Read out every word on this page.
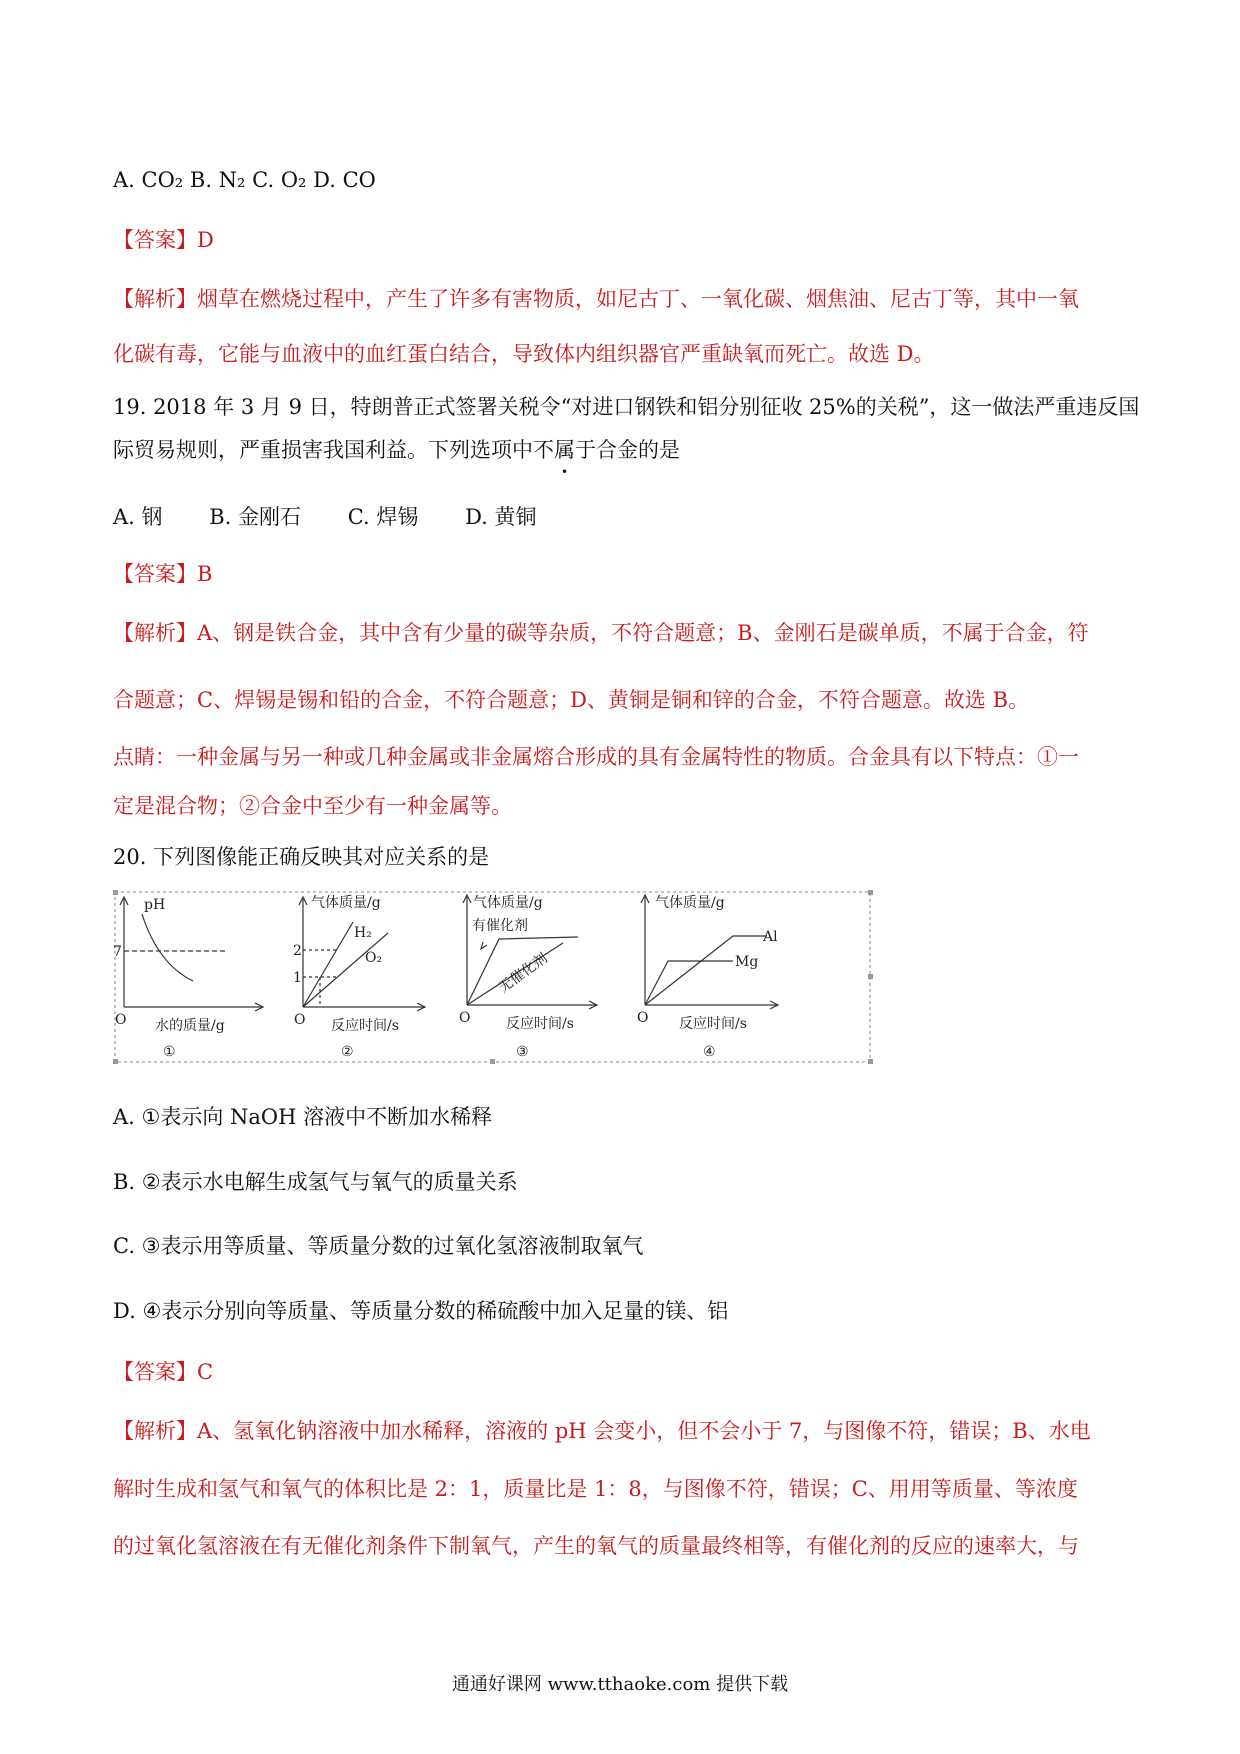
A. CO₂ B. N₂ C. O₂ D. CO
【答案】D
【解析】烟草在燃烧过程中，产生了许多有害物质，如尼古丁、一氧化碳、烟焦油、尼古丁等，其中一氧
化碳有毒，它能与血液中的血红蛋白结合，导致体内组织器官严重缺氧而死亡。故选 D。
19. 2018 年 3 月 9 日，特朗普正式签署关税令“对进口钢铁和铝分别征收 25%的关税”，这一做法严重违反国
际贸易规则，严重损害我国利益。下列选项中不属于合金的是
A. 钢 B. 金刚石 C. 焊锡 D. 黄铜
【答案】B
【解析】A、钢是铁合金，其中含有少量的碳等杂质，不符合题意；B、金刚石是碳单质，不属于合金，符
合题意；C、焊锡是锡和铅的合金，不符合题意；D、黄铜是铜和锌的合金，不符合题意。故选 B。
点睛：一种金属与另一种或几种金属或非金属熔合形成的具有金属特性的物质。合金具有以下特点：①一
定是混合物；②合金中至少有一种金属等。
20. 下列图像能正确反映其对应关系的是
pH
7
O 水的质量/g
①
气体质量/g
2
1
H₂
O₂
O 反应时间/s
②
气体质量/g
有催化剂
无催化剂
O	反应时间/s
③
气体质量/g
Al
Mg
O 反应时间/s
④
A. ①表示向 NaOH 溶液中不断加水稀释
B. ②表示水电解生成氢气与氧气的质量关系
C. ③表示用等质量、等质量分数的过氧化氢溶液制取氧气
D. ④表示分别向等质量、等质量分数的稀硫酸中加入足量的镁、铝
【答案】C
【解析】A、氢氧化钠溶液中加水稀释，溶液的 pH 会变小，但不会小于 7，与图像不符，错误；B、水电
解时生成和氢气和氧气的体积比是 2：1，质量比是 1：8，与图像不符，错误；C、用用等质量、等浓度
的过氧化氢溶液在有无催化剂条件下制氧气，产生的氧气的质量最终相等，有催化剂的反应的速率大，与
通通好课网 www.tthaoke.com 提供下载
